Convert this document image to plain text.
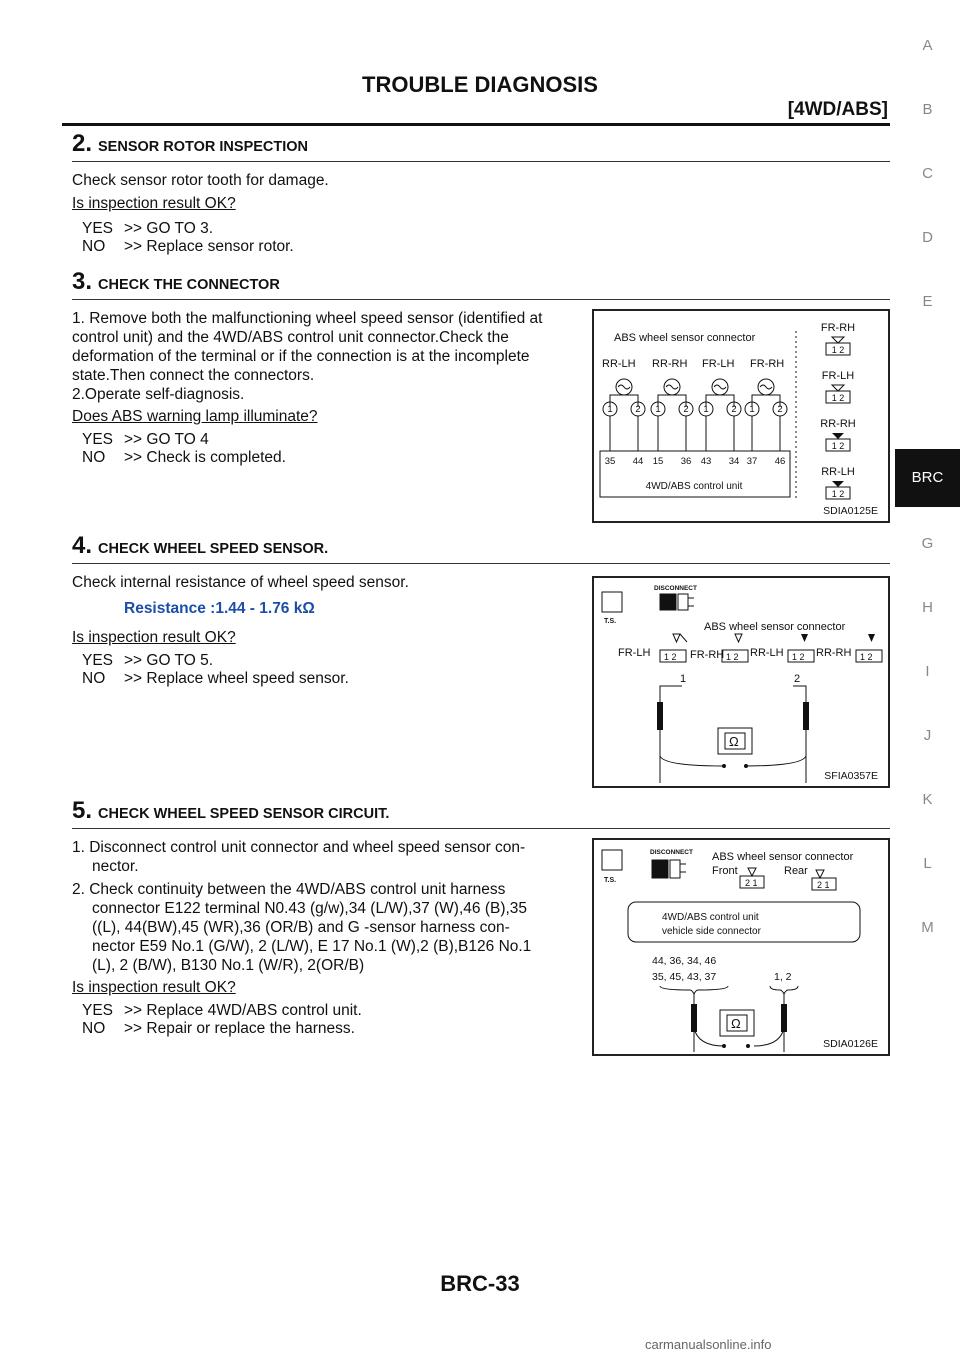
TROUBLE DIAGNOSIS
[4WD/ABS]
A
B
C
D
E
BRC
G
H
I
J
K
L
M
2. SENSOR ROTOR INSPECTION
Check sensor rotor tooth for damage.
Is inspection result OK?
YES >> GO TO 3.
NO >> Replace sensor rotor.
3. CHECK THE CONNECTOR
1. Remove both the malfunctioning wheel speed sensor (identified at
control unit) and the 4WD/ABS control unit connector.Check the
deformation of the terminal or if the connection is at the incomplete
state.Then connect the connectors.
2.Operate self-diagnosis.
Does ABS warning lamp illuminate?
YES >> GO TO 4
NO >> Check is completed.
ABS wheel sensor connector
RR-LH RR-RH FR-LH FR-RH
1 2 1 2 1 2 1 2
35 44 15 36 43 34 37 46
4WD/ABS control unit
FR-RH
FR-LH
RR-RH
RR-LH
1 2
1 2
1 2
1 2
SDIA0125E
4. CHECK WHEEL SPEED SENSOR.
Check internal resistance of wheel speed sensor.
Resistance :1.44 - 1.76 kΩ
Is inspection result OK?
YES >> GO TO 5.
NO >> Replace wheel speed sensor.
T.S.
DISCONNECT
ABS wheel sensor connector
FR-LH	FR-RH RR-LH	RR-RH
1 2	1 2	1 2	1 2
1	2
Ω
SFIA0357E
5. CHECK WHEEL SPEED SENSOR CIRCUIT.
1. Disconnect control unit connector and wheel speed sensor con-
nector.
2. Check continuity between the 4WD/ABS control unit harness
connector E122 terminal N0.43 (g/w),34 (L/W),37 (W),46 (B),35
((L), 44(BW),45 (WR),36 (OR/B) and G -sensor harness con-
nector E59 No.1 (G/W), 2 (L/W), E 17 No.1 (W),2 (B),B126 No.1
(L), 2 (B/W), B130 No.1 (W/R), 2(OR/B)
Is inspection result OK?
YES >> Replace 4WD/ABS control unit.
NO >> Repair or replace the harness.
T.S.
DISCONNECT ABS wheel sensor connector
Front	Rear
2 1	2 1
4WD/ABS control unit
vehicle side connector
44, 36, 34, 46
35, 45, 43, 37	1, 2
Ω
SDIA0126E
BRC-33
carmanualsonline.info
